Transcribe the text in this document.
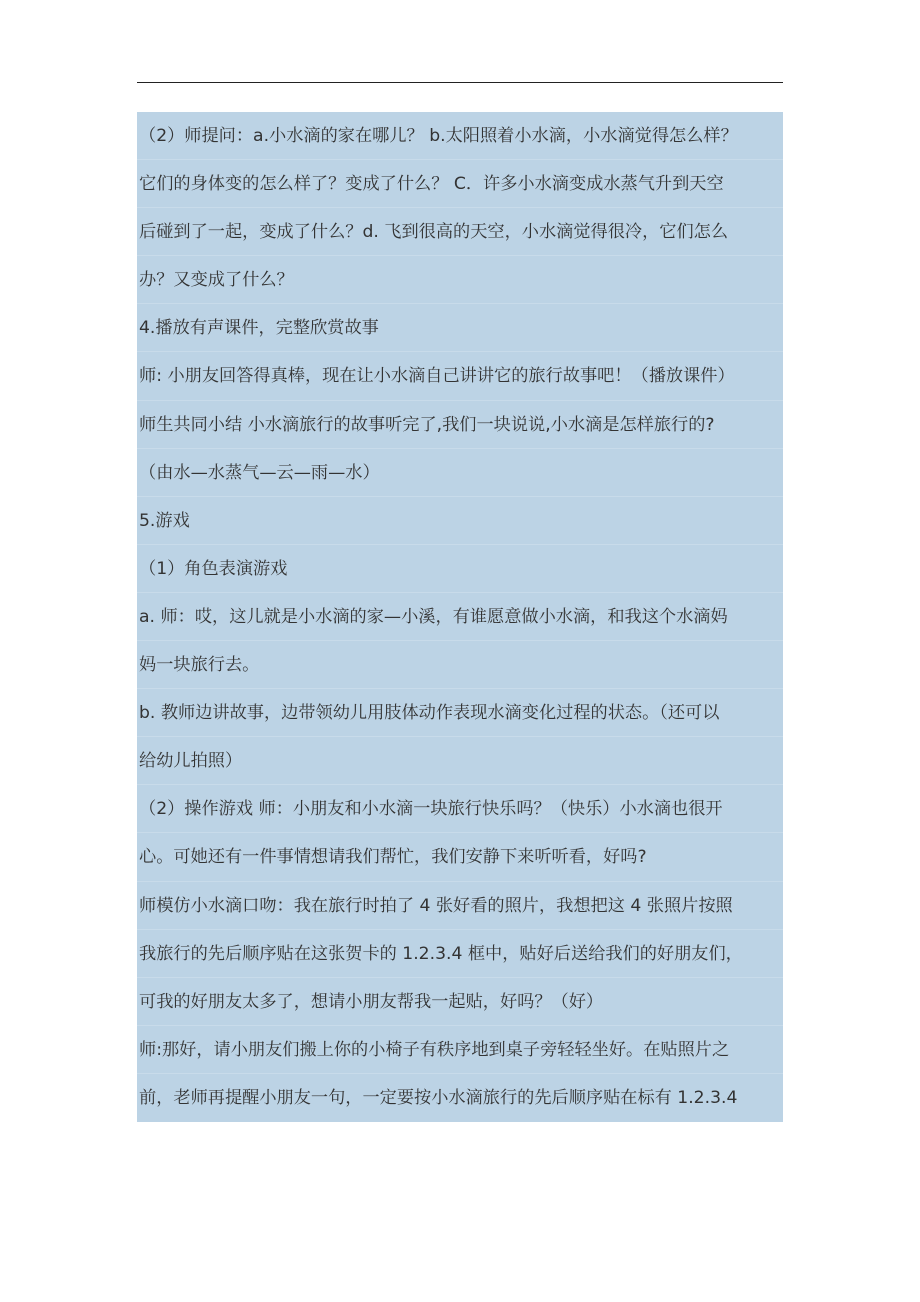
（2）师提问：a.小水滴的家在哪儿？ b.太阳照着小水滴，小水滴觉得怎么样？
它们的身体变的怎么样了？变成了什么？ C．许多小水滴变成水蒸气升到天空
后碰到了一起，变成了什么？d. 飞到很高的天空，小水滴觉得很冷，它们怎么
办？又变成了什么？
4.播放有声课件，完整欣赏故事
师: 小朋友回答得真棒，现在让小水滴自己讲讲它的旅行故事吧！（播放课件）
师生共同小结 小水滴旅行的故事听完了,我们一块说说,小水滴是怎样旅行的?
（由水—水蒸气—云—雨—水）
5.游戏
（1）角色表演游戏
a. 师：哎，这儿就是小水滴的家—小溪，有谁愿意做小水滴，和我这个水滴妈
妈一块旅行去。
b. 教师边讲故事，边带领幼儿用肢体动作表现水滴变化过程的状态。（还可以
给幼儿拍照）
（2）操作游戏 师：小朋友和小水滴一块旅行快乐吗？（快乐）小水滴也很开
心。可她还有一件事情想请我们帮忙，我们安静下来听听看，好吗?
师模仿小水滴口吻：我在旅行时拍了 4 张好看的照片，我想把这 4 张照片按照
我旅行的先后顺序贴在这张贺卡的 1.2.3.4 框中，贴好后送给我们的好朋友们，
可我的好朋友太多了，想请小朋友帮我一起贴，好吗？（好）
师:那好，请小朋友们搬上你的小椅子有秩序地到桌子旁轻轻坐好。在贴照片之
前，老师再提醒小朋友一句，一定要按小水滴旅行的先后顺序贴在标有 1.2.3.4
